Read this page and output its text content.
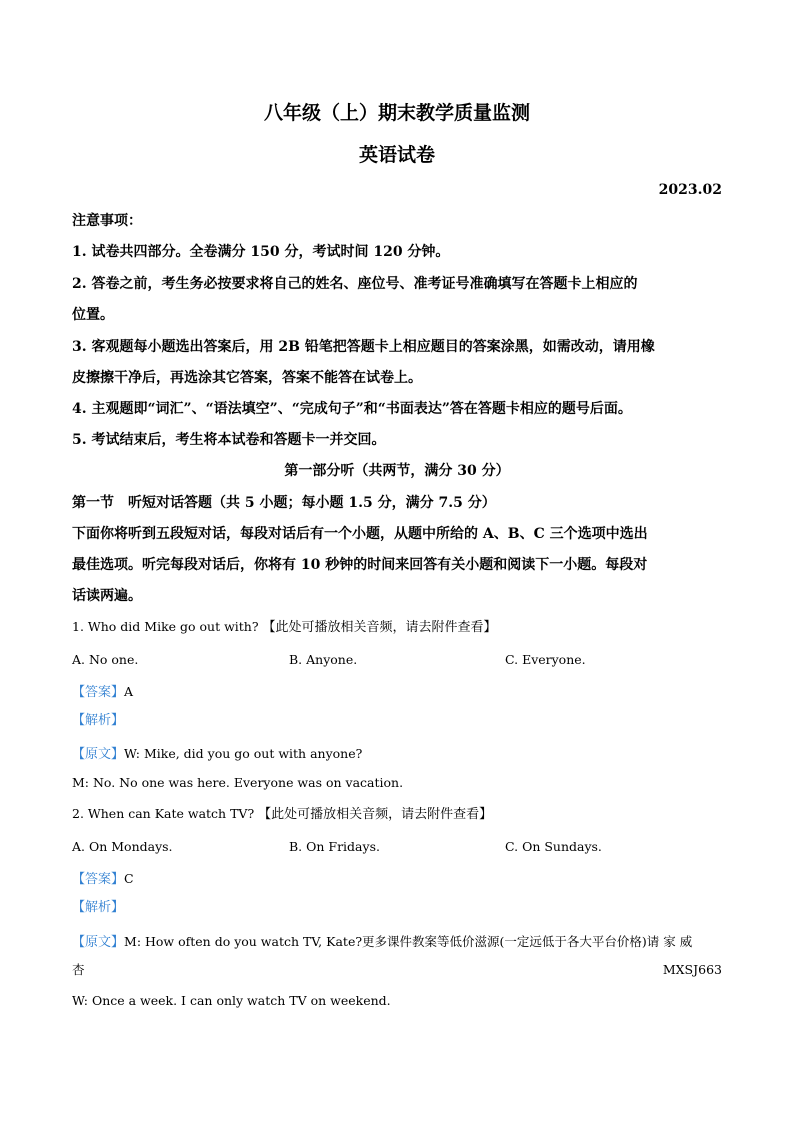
八年级（上）期末教学质量监测
英语试卷
2023.02
注意事项：
1. 试卷共四部分。全卷满分 150 分，考试时间 120 分钟。
2. 答卷之前，考生务必按要求将自己的姓名、座位号、准考证号准确填写在答题卡上相应的
位置。
3. 客观题每小题选出答案后，用 2B 铅笔把答题卡上相应题目的答案涂黑，如需改动，请用橡
皮擦擦干净后，再选涂其它答案，答案不能答在试卷上。
4. 主观题即“词汇”、“语法填空”、“完成句子”和“书面表达”答在答题卡相应的题号后面。
5. 考试结束后，考生将本试卷和答题卡一并交回。
第一部分听（共两节，满分 30 分）
第一节　听短对话答题（共 5 小题；每小题 1.5 分，满分 7.5 分）
下面你将听到五段短对话，每段对话后有一个小题，从题中所给的 A、B、C 三个选项中选出
最佳选项。听完每段对话后，你将有 10 秒钟的时间来回答有关小题和阅读下一小题。每段对
话读两遍。
1. Who did Mike go out with? 【此处可播放相关音频，请去附件查看】
A. No one.	B. Anyone.	C. Everyone.
【答案】A
【解析】
【原文】W: Mike, did you go out with anyone?
M: No. No one was here. Everyone was on vacation.
2. When can Kate watch TV? 【此处可播放相关音频，请去附件查看】
A. On Mondays.	B. On Fridays.	C. On Sundays.
【答案】C
【解析】
【原文】M: How often do you watch TV, Kate?更多课件教案等低价滋源(一定远低于各大平台价格)请 家 威
杏	MXSJ663
W: Once a week. I can only watch TV on weekend.
